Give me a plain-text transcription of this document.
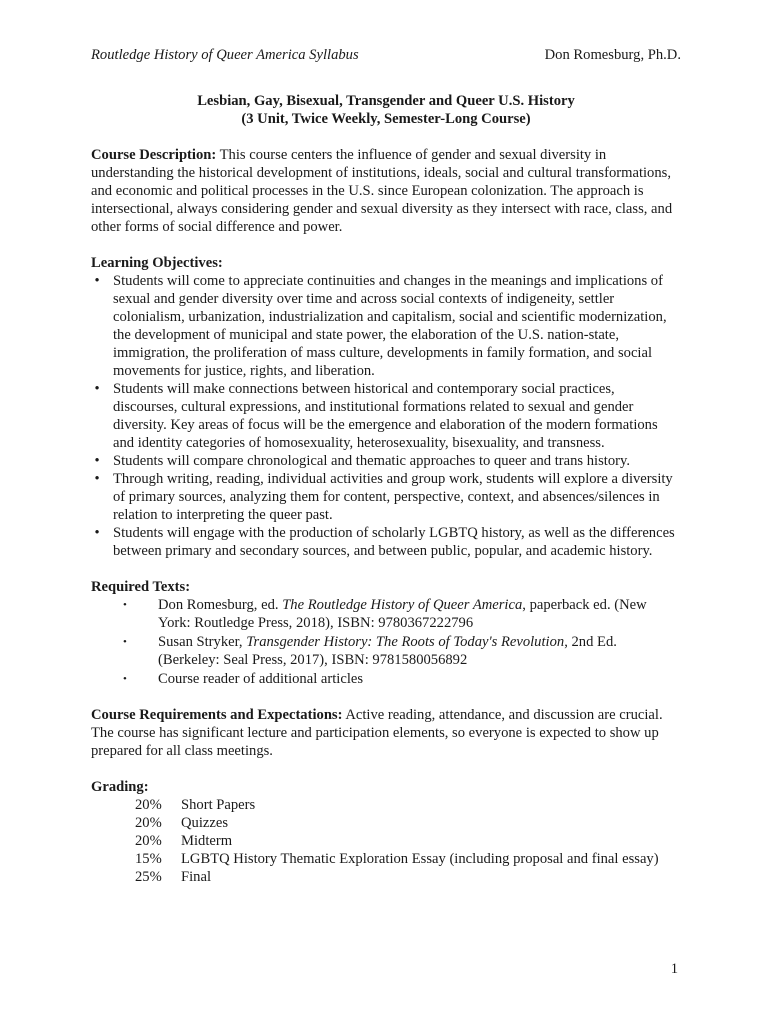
Routledge History of Queer America Syllabus	Don Romesburg, Ph.D.
Lesbian, Gay, Bisexual, Transgender and Queer U.S. History
(3 Unit, Twice Weekly, Semester-Long Course)

Course Description: This course centers the influence of gender and sexual diversity in understanding the historical development of institutions, ideals, social and cultural transformations, and economic and political processes in the U.S. since European colonization. The approach is intersectional, always considering gender and sexual diversity as they intersect with race, class, and other forms of social difference and power.

Learning Objectives:

• Students will come to appreciate continuities and changes in the meanings and implications of sexual and gender diversity over time and across social contexts of indigeneity, settler colonialism, urbanization, industrialization and capitalism, social and scientific modernization, the development of municipal and state power, the elaboration of the U.S. nation-state, immigration, the proliferation of mass culture, developments in family formation, and social movements for justice, rights, and liberation.
• Students will make connections between historical and contemporary social practices, discourses, cultural expressions, and institutional formations related to sexual and gender diversity. Key areas of focus will be the emergence and elaboration of the modern formations and identity categories of homosexuality, heterosexuality, bisexuality, and transness.
• Students will compare chronological and thematic approaches to queer and trans history.
• Through writing, reading, individual activities and group work, students will explore a diversity of primary sources, analyzing them for content, perspective, context, and absences/silences in relation to interpreting the queer past.
• Students will engage with the production of scholarly LGBTQ history, as well as the differences between primary and secondary sources, and between public, popular, and academic history.

Required Texts:

• Don Romesburg, ed. The Routledge History of Queer America, paperback ed. (New York: Routledge Press, 2018), ISBN: 9780367222796
• Susan Stryker, Transgender History: The Roots of Today's Revolution, 2nd Ed. (Berkeley: Seal Press, 2017), ISBN: 9781580056892
• Course reader of additional articles

Course Requirements and Expectations: Active reading, attendance, and discussion are crucial. The course has significant lecture and participation elements, so everyone is expected to show up prepared for all class meetings.

Grading:

20%	Short Papers
20%	Quizzes
20%	Midterm
15%	LGBTQ History Thematic Exploration Essay (including proposal and final essay)
25%	Final
1
